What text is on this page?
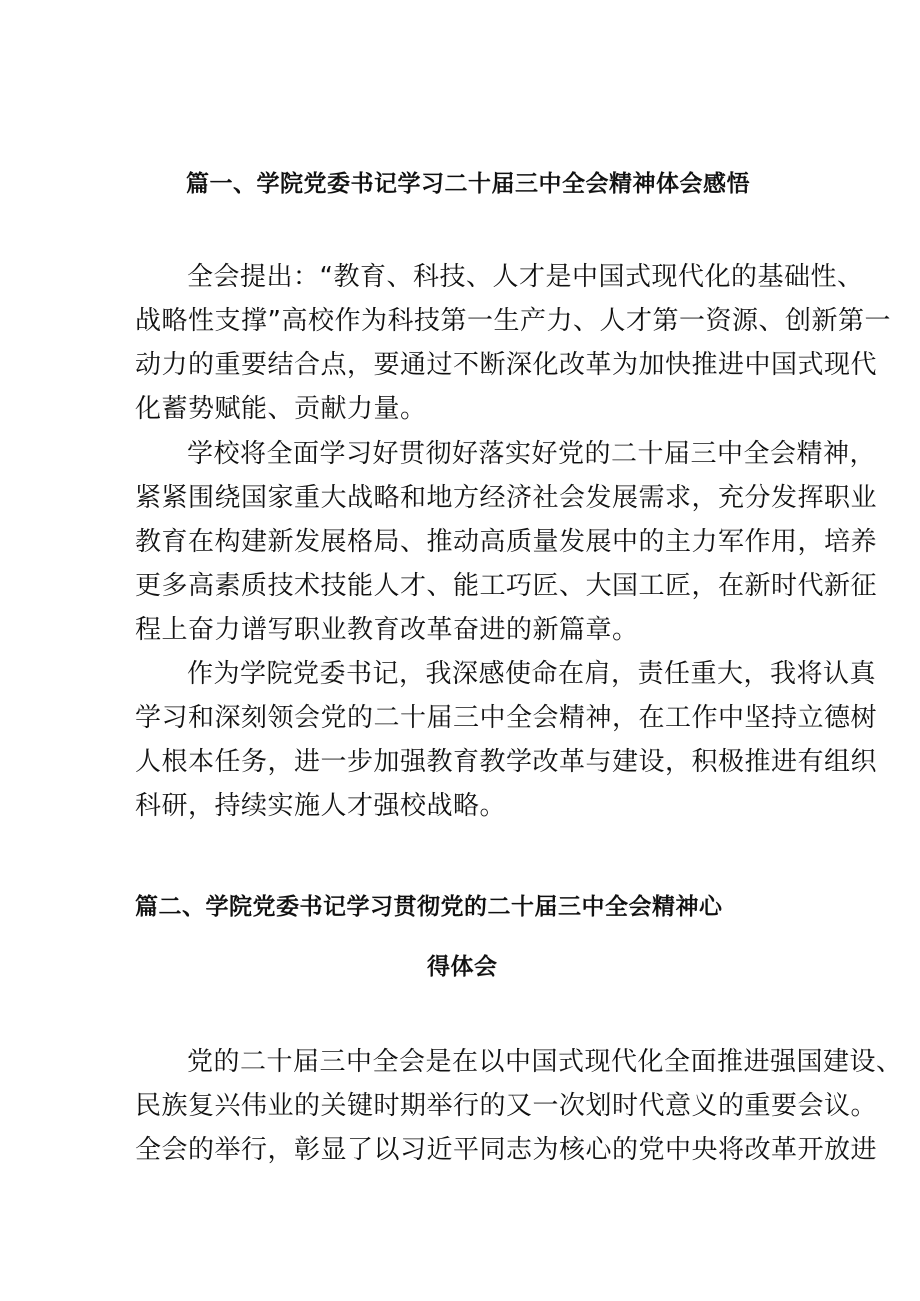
篇一、学院党委书记学习二十届三中全会精神体会感悟

全会提出：“教育、科技、人才是中国式现代化的基础性、
战略性支撑”高校作为科技第一生产力、人才第一资源、创新第一
动力的重要结合点，要通过不断深化改革为加快推进中国式现代
化蓄势赋能、贡献力量。

学校将全面学习好贯彻好落实好党的二十届三中全会精神，
紧紧围绕国家重大战略和地方经济社会发展需求，充分发挥职业
教育在构建新发展格局、推动高质量发展中的主力军作用，培养
更多高素质技术技能人才、能工巧匠、大国工匠，在新时代新征
程上奋力谱写职业教育改革奋进的新篇章。

作为学院党委书记，我深感使命在肩，责任重大，我将认真
学习和深刻领会党的二十届三中全会精神，在工作中坚持立德树
人根本任务，进一步加强教育教学改革与建设，积极推进有组织
科研，持续实施人才强校战略。

篇二、学院党委书记学习贯彻党的二十届三中全会精神心
得体会

党的二十届三中全会是在以中国式现代化全面推进强国建设、
民族复兴伟业的关键时期举行的又一次划时代意义的重要会议。
全会的举行，彰显了以习近平同志为核心的党中央将改革开放进
